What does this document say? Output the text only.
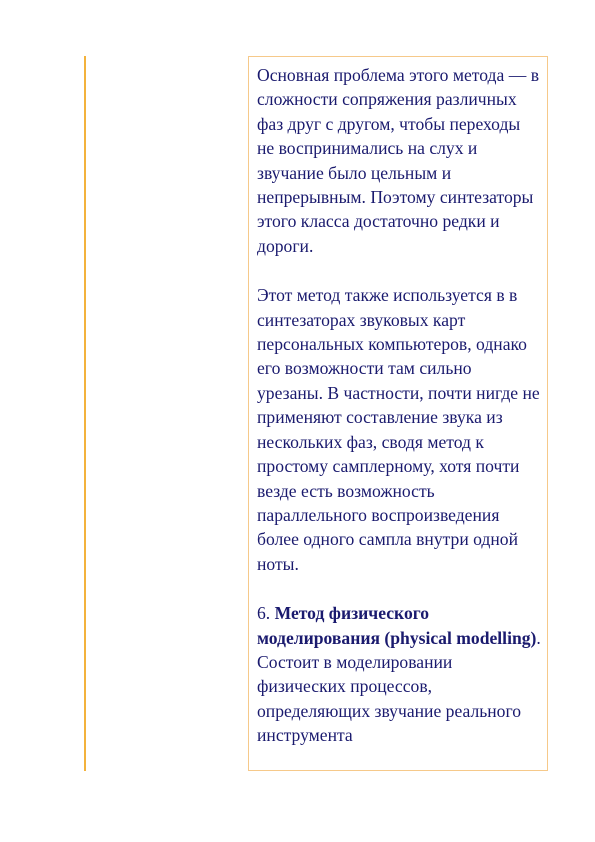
Основная проблема этого метода — в сложности сопряжения различных фаз друг с другом, чтобы переходы не воспринимались на слух и звучание было цельным и непрерывным. Поэтому синтезаторы этого класса достаточно редки и дороги.

Этот метод также используется в в синтезаторах звуковых карт персональных компьютеров, однако его возможности там сильно урезаны. В частности, почти нигде не применяют составление звука из нескольких фаз, сводя метод к простому самплерному, хотя почти везде есть возможность параллельного воспроизведения более одного сампла внутри одной ноты.

6. Метод физического моделирования (physical modelling). Состоит в моделировании физических процессов, определяющих звучание реального инструмента
